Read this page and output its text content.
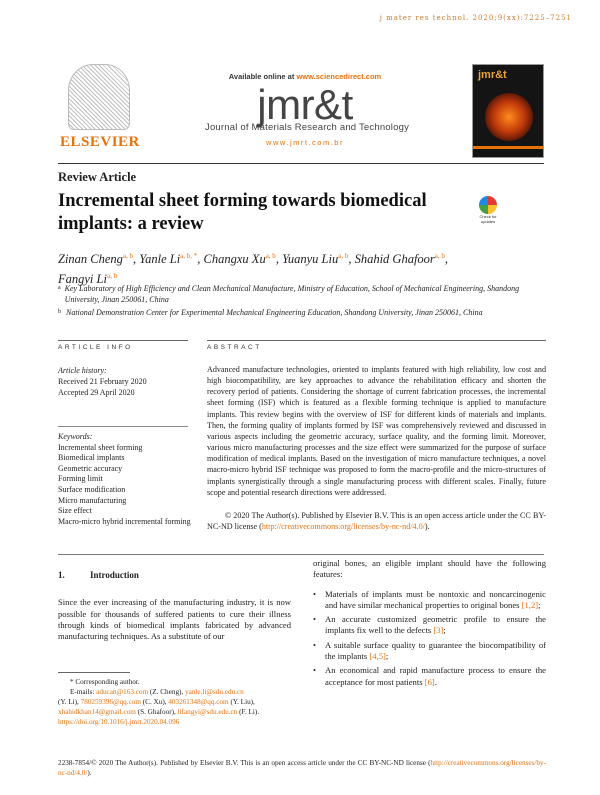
j mater res technol. 2020;9(xx):7225–7251
ELSEVIER
Available online at www.sciencedirect.com
jmr&t
Journal of Materials Research and Technology
www.jmrt.com.br
jmr&t
Review Article
Incremental sheet forming towards biomedical implants: a review	Check for updates
Zinan Cheng$^{a, b}$, Yanle $Li^{a, b, *}$, Changxu Xu$^{a, b}$, Yuanyu Liu$^{a, b}$, Shahid Ghafoor$^{a, b}$,
Fangyi Li$^{a, b}$
a Key Laboratory of High Efficiency and Clean Mechanical Manufacture, Ministry of Education, School of Mechanical Engineering, Shandong University, Jinan 250061, China
b National Demonstration Center for Experimental Mechanical Engineering Education, Shandong University, Jinan 250061, China
ARTICLE INFO	ABSTRACT
Article history:
Received 21 February 2020
Accepted 29 April 2020
Keywords:
Incremental sheet forming
Biomedical implants
Geometric accuracy
Forming limit
Surface modification
Micro manufacturing
Size effect
Macro-micro hybrid incremental forming
Advanced manufacture technologies, oriented to implants featured with high reliability, low cost and high biocompatibility, are key approaches to advance the rehabilitation efficacy and shorten the recovery period of patients. Considering the shortage of current fabrication processes, the incremental sheet forming (ISF) which is featured as a flexible forming technique is applied to manufacture implants. This review begins with the overview of ISF for different kinds of materials and implants. Then, the forming quality of implants formed by ISF was comprehensively reviewed and discussed in various aspects including the geometric accuracy, surface quality, and the forming limit. Moreover, various micro manufacturing processes and the size effect were summarized for the purpose of surface modification of medical implants. Based on the investigation of micro manufacture techniques, a novel macro-micro hybrid ISF technique was proposed to form the macro-profile and the micro-structures of implants synergistically through a single manufacturing process with different scales. Finally, future scope and potential research directions were addressed.
© 2020 The Author(s). Published by Elsevier B.V. This is an open access article under the CC BY-NC-ND license (http://creativecommons.org/licenses/by-nc-nd/4.0/).
1.	Introduction

Since the ever increasing of the manufacturing industry, it is now possible for thousands of suffered patients to cure their illness through kinds of biomedical implants fabricated by advanced manufacturing techniques. As a substitute of our

original bones, an eligible implant should have the following features:

• Materials of implants must be nontoxic and noncarcinogenic and have similar mechanical properties to original bones [1,2];
• An accurate customized geometric profile to ensure the implants fix well to the defects [3];
• A suitable surface quality to guarantee the biocompatibility of the implants [4,5];
• An economical and rapid manufacture process to ensure the acceptance for most patients [6].
* Corresponding author.
E-mails: aducan@163.com (Z. Cheng), yanle.li@sdu.edu.cn
(Y. Li), 780259396@qq.com (C. Xu), 403261348@qq.com (Y. Liu),
xhahidkhan14@gmail.com (S. Ghafoor), lifangyi@sdu.edu.cn (F. Li).
https://doi.org/10.1016/j.jmrt.2020.04.096
2238-7854/© 2020 The Author(s). Published by Elsevier B.V. This is an open access article under the CC BY-NC-ND license (http://creativecommons.org/licenses/by-nc-nd/4.0/).
